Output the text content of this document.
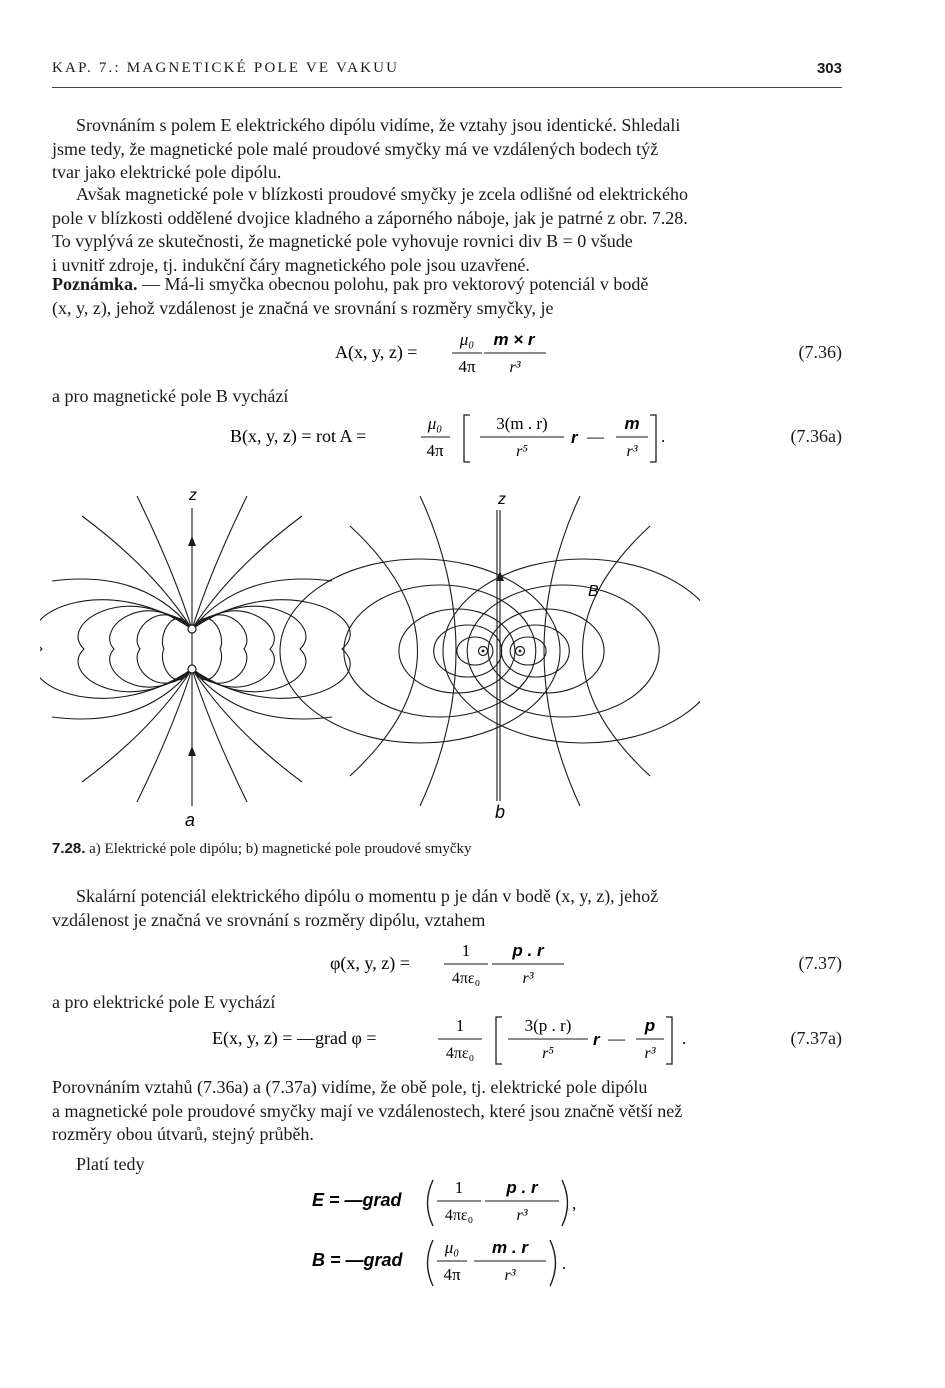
KAP. 7.: MAGNETICKÉ POLE VE VAKUU	303
Srovnáním s polem E elektrického dipólu vidíme, že vztahy jsou identické. Shledali
jsme tedy, že magnetické pole malé proudové smyčky má ve vzdálených bodech týž
tvar jako elektrické pole dipólu.
Avšak magnetické pole v blízkosti proudové smyčky je zcela odlišné od elektrického
pole v blízkosti oddělené dvojice kladného a záporného náboje, jak je patrné z obr. 7.28.
To vyplývá ze skutečnosti, že magnetické pole vyhovuje rovnici div B = 0 všude
i uvnitř zdroje, tj. indukční čáry magnetického pole jsou uzavřené.
Poznámka. — Má-li smyčka obecnou polohu, pak pro vektorový potenciál v bodě
(x, y, z), jehož vzdálenost je značná ve srovnání s rozměry smyčky, je
A(x, y, z) =
μ₀
4π
m × r
r³
(7.36)
a pro magnetické pole B vychází
B(x, y, z) = rot A =
μ₀
4π
3(m . r)
r⁵
r —
m
r³
.	(7.36a)
z	z
B
a	b
7.28. a) Elektrické pole dipólu; b) magnetické pole proudové smyčky
Skalární potenciál elektrického dipólu o momentu p je dán v bodě (x, y, z), jehož
vzdálenost je značná ve srovnání s rozměry dipólu, vztahem
φ(x, y, z) =
1
4πε₀
p . r
r³
(7.37)
a pro elektrické pole E vychází
E(x, y, z) = —grad φ =
1
4πε₀
3(p . r)
r⁵
r —
p
r³
.	(7.37a)
Porovnáním vztahů (7.36a) a (7.37a) vidíme, že obě pole, tj. elektrické pole dipólu
a magnetické pole proudové smyčky mají ve vzdálenostech, které jsou značně větší než
rozměry obou útvarů, stejný průběh.
Platí tedy
E = —grad
1
4πε₀
p . r
r³
,
B = —grad
μ₀
4π
m . r
r³
.
